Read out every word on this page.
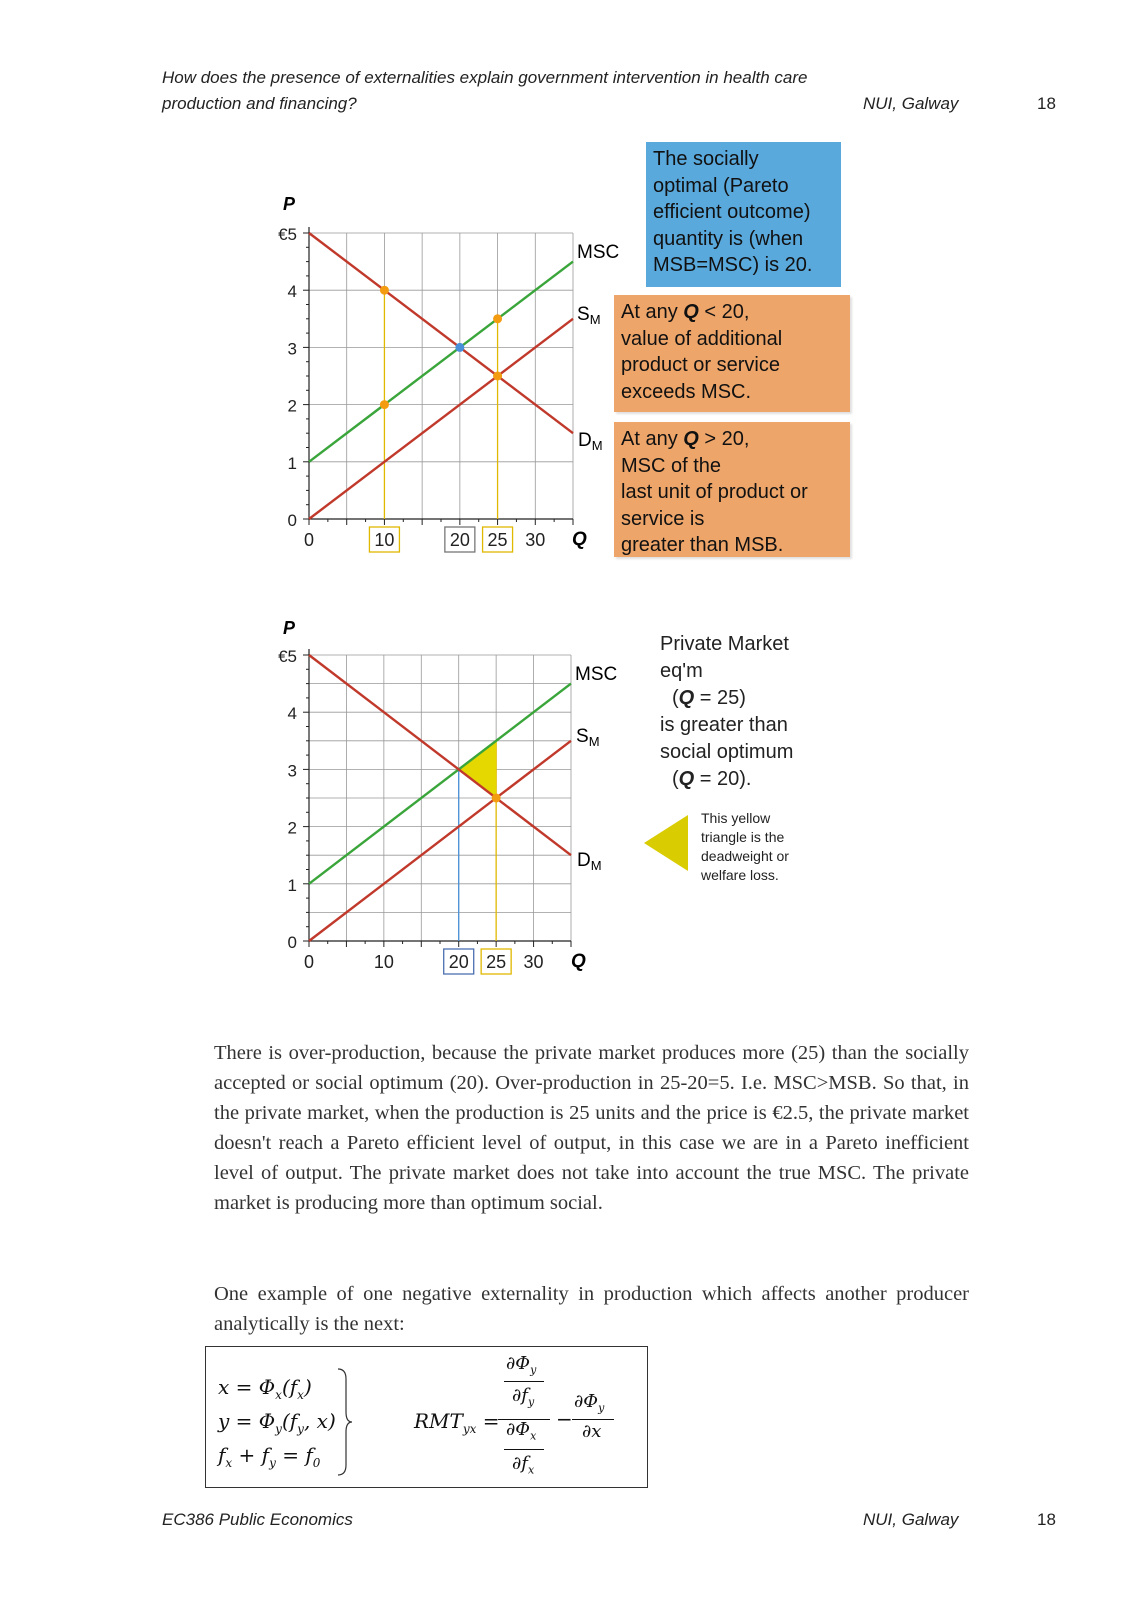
How does the presence of externalities explain government intervention in health care
production and financing?	NUI, Galway	18
0
1
2
3
4
€5
0	10	20 25 30
P
Q
MSC
$S_M$
$D_M$
The socially
optimal (Pareto
efficient outcome)
quantity is (when
MSB=MSC) is 20.
At any Q < 20,
value of additional
product or service
exceeds MSC.
At any Q > 20,
MSC of the
last unit of product or
service is
greater than MSB.
0
1
2
3
4
€5
0	10	20 25 30
P
Q
MSC
$S_M$
$D_M$
Private Market
eq'm
(Q = 25)
is greater than
social optimum
(Q = 20).
This yellow
triangle is the
deadweight or
welfare loss.
There is over-production, because the private market produces more (25) than the socially accepted or social optimum (20). Over-production in 25-20=5. I.e. MSC>MSB. So that, in the private market, when the production is 25 units and the price is €2.5, the private market doesn't reach a Pareto efficient level of output, in this case we are in a Pareto inefficient level of output. The private market does not take into account the true MSC. The private market is producing more than optimum social.
One example of one negative externality in production which affects another producer analytically is the next:
$x = \Phi_x(f_x)$
$y = \Phi_y(f_y$, x)
$f_x + f_y = f_0$
$RMT_{yx}$ =
$\partial\Phi_y$
$\partial f_y$
$\partial\Phi_x$
$\partial f_x$
−
$\partial\Phi_y$
∂x
EC386 Public Economics	NUI, Galway	18
